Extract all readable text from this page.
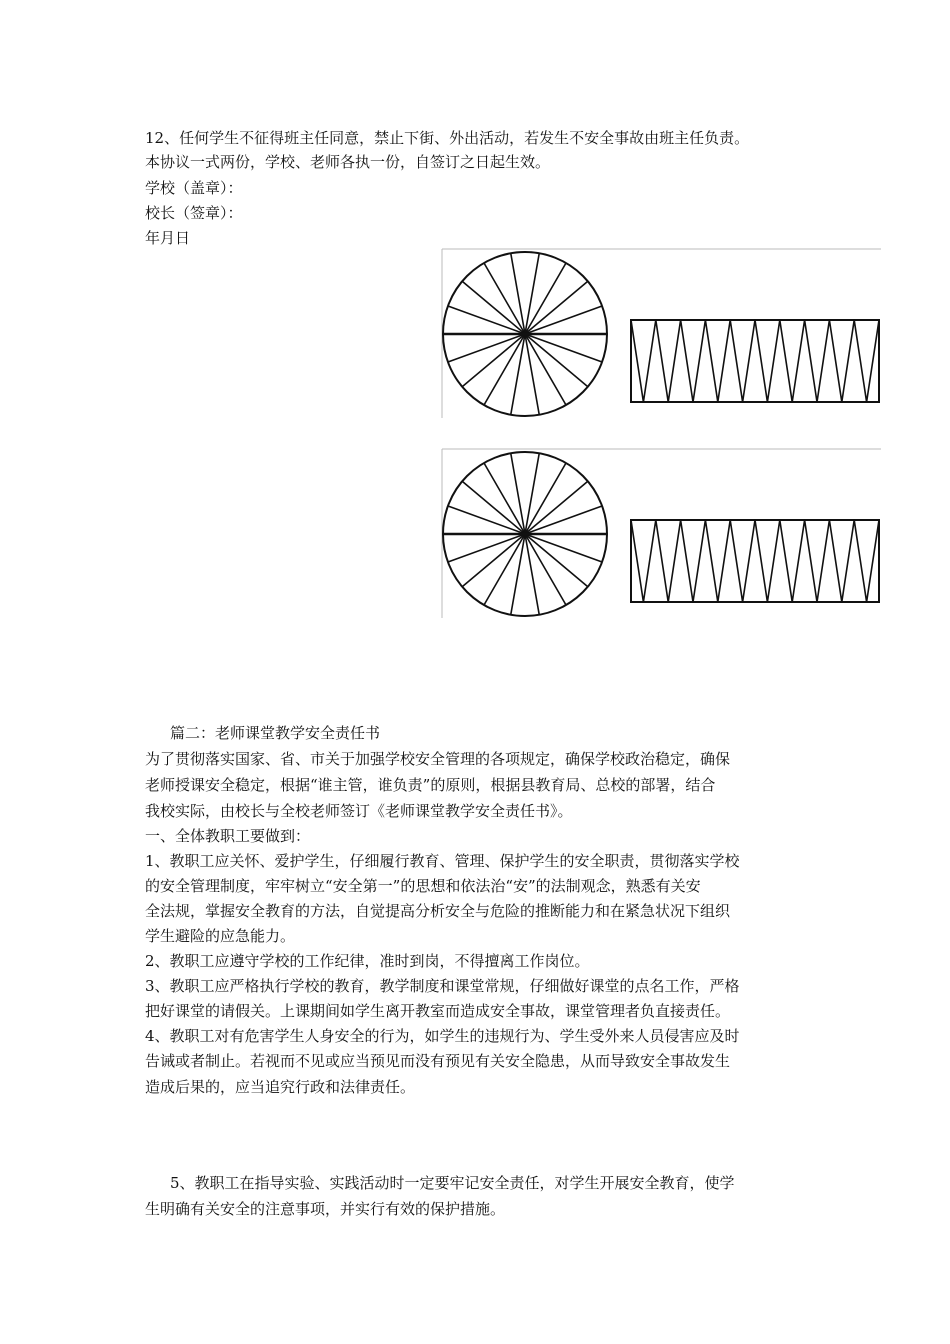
12、任何学生不征得班主任同意，禁止下街、外出活动，若发生不安全事故由班主任负责。
本协议一式两份，学校、老师各执一份，自签订之日起生效。
学校（盖章）：
校长（签章）：
年月日
篇二：老师课堂教学安全责任书
为了贯彻落实国家、省、市关于加强学校安全管理的各项规定，确保学校政治稳定，确保
老师授课安全稳定，根据“谁主管，谁负责”的原则，根据县教育局、总校的部署，结合
我校实际，由校长与全校老师签订《老师课堂教学安全责任书》。
一、全体教职工要做到：
1、教职工应关怀、爱护学生，仔细履行教育、管理、保护学生的安全职责，贯彻落实学校
的安全管理制度，牢牢树立“安全第一”的思想和依法治“安”的法制观念，熟悉有关安
全法规，掌握安全教育的方法，自觉提高分析安全与危险的推断能力和在紧急状况下组织
学生避险的应急能力。
2、教职工应遵守学校的工作纪律，准时到岗，不得擅离工作岗位。
3、教职工应严格执行学校的教育，教学制度和课堂常规，仔细做好课堂的点名工作，严格
把好课堂的请假关。上课期间如学生离开教室而造成安全事故，课堂管理者负直接责任。
4、教职工对有危害学生人身安全的行为，如学生的违规行为、学生受外来人员侵害应及时
告诫或者制止。若视而不见或应当预见而没有预见有关安全隐患，从而导致安全事故发生
造成后果的，应当追究行政和法律责任。
5、教职工在指导实验、实践活动时一定要牢记安全责任，对学生开展安全教育，使学
生明确有关安全的注意事项，并实行有效的保护措施。
